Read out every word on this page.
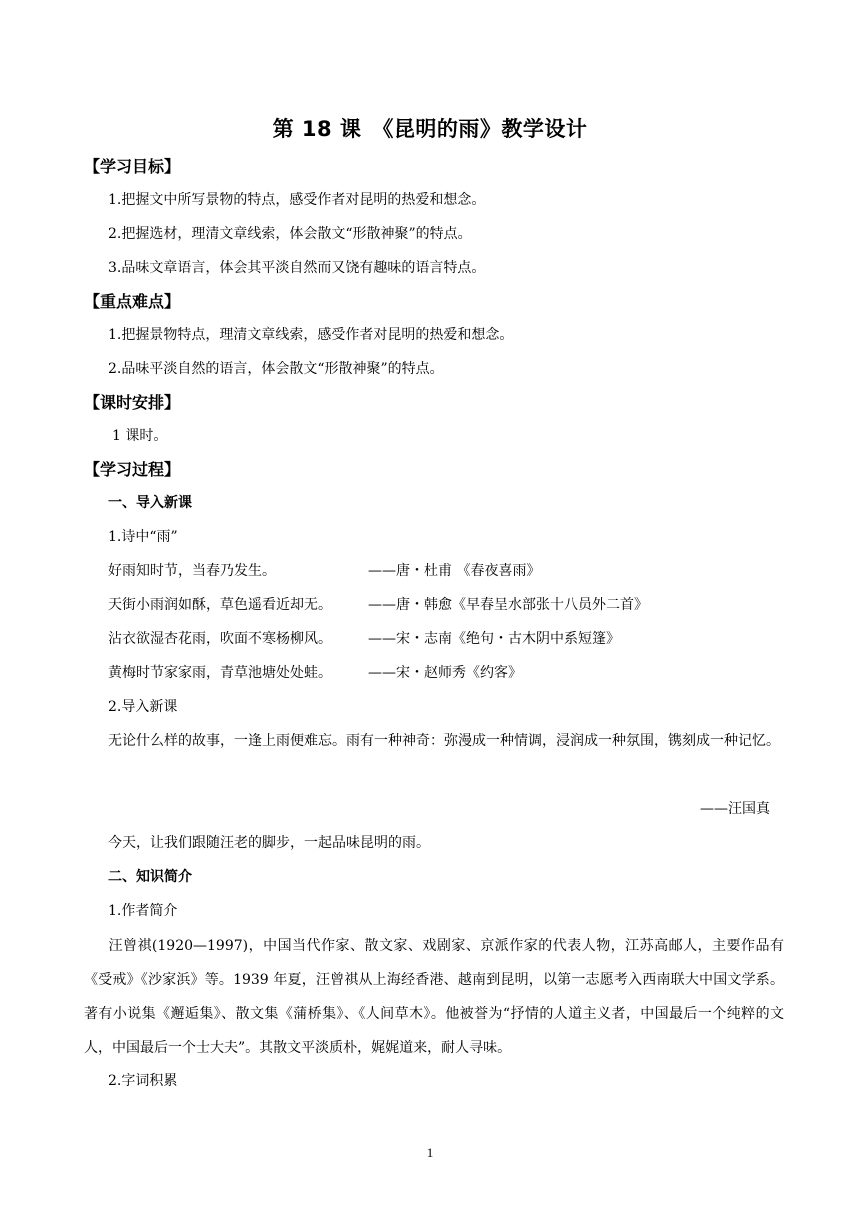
第 18 课　《昆明的雨》教学设计
【学习目标】
1.把握文中所写景物的特点，感受作者对昆明的热爱和想念。
2.把握选材，理清文章线索，体会散文“形散神聚”的特点。
3.品味文章语言，体会其平淡自然而又饶有趣味的语言特点。
【重点难点】
1.把握景物特点，理清文章线索，感受作者对昆明的热爱和想念。
2.品味平淡自然的语言，体会散文“形散神聚”的特点。
【课时安排】
1 课时。
【学习过程】
一、导入新课
1.诗中“雨”
好雨知时节，当春乃发生。	——唐・杜甫 《春夜喜雨》
天街小雨润如酥，草色遥看近却无。	——唐・韩愈《早春呈水部张十八员外二首》
沾衣欲湿杏花雨，吹面不寒杨柳风。	——宋・志南《绝句・古木阴中系短篷》
黄梅时节家家雨，青草池塘处处蛙。	——宋・赵师秀《约客》
2.导入新课
无论什么样的故事，一逢上雨便难忘。雨有一种神奇：弥漫成一种情调，浸润成一种氛围，镌刻成一种记忆。
——汪国真
今天，让我们跟随汪老的脚步，一起品味昆明的雨。
二、知识简介
1.作者简介
汪曾祺(1920—1997)，中国当代作家、散文家、戏剧家、京派作家的代表人物，江苏高邮人，主要作品有《受戒》《沙家浜》等。1939 年夏，汪曾祺从上海经香港、越南到昆明，以第一志愿考入西南联大中国文学系。著有小说集《邂逅集》、散文集《蒲桥集》、《人间草木》。他被誉为“抒情的人道主义者，中国最后一个纯粹的文人，中国最后一个士大夫”。其散文平淡质朴，娓娓道来，耐人寻味。
2.字词积累
1
